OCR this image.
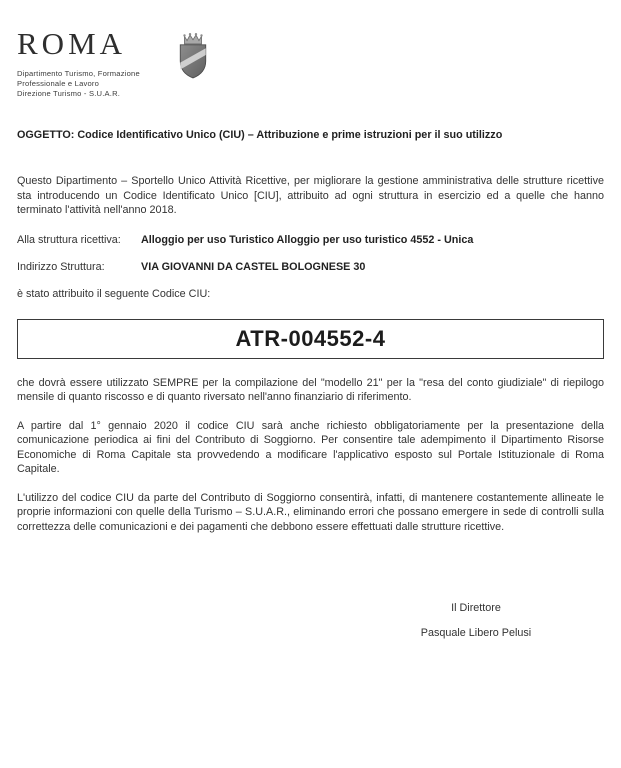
ROMA
Dipartimento Turismo, Formazione
Professionale e Lavoro
Direzione Turismo - S.U.A.R.
OGGETTO: Codice Identificativo Unico (CIU) – Attribuzione e prime istruzioni per il suo utilizzo
Questo Dipartimento – Sportello Unico Attività Ricettive, per migliorare la gestione amministrativa delle strutture ricettive sta introducendo un Codice Identificato Unico [CIU], attribuito ad ogni struttura in esercizio ed a quelle che hanno terminato l'attività nell'anno 2018.
Alla struttura ricettiva:	Alloggio per uso Turistico Alloggio per uso turistico 4552 - Unica
Indirizzo Struttura:	VIA GIOVANNI DA CASTEL BOLOGNESE 30
è stato attribuito il seguente Codice CIU:
ATR-004552-4
che dovrà essere utilizzato SEMPRE per la compilazione del "modello 21" per la "resa del conto giudiziale" di riepilogo mensile di quanto riscosso e di quanto riversato nell'anno finanziario di riferimento.
A partire dal 1° gennaio 2020 il codice CIU sarà anche richiesto obbligatoriamente per la presentazione della comunicazione periodica ai fini del Contributo di Soggiorno. Per consentire tale adempimento il Dipartimento Risorse Economiche di Roma Capitale sta provvedendo a modificare l'applicativo esposto sul Portale Istituzionale di Roma Capitale.
L'utilizzo del codice CIU da parte del Contributo di Soggiorno consentirà, infatti, di mantenere costantemente allineate le proprie informazioni con quelle della Turismo – S.U.A.R., eliminando errori che possano emergere in sede di controlli sulla correttezza delle comunicazioni e dei pagamenti che debbono essere effettuati dalle strutture ricettive.
Il Direttore
Pasquale Libero Pelusi
